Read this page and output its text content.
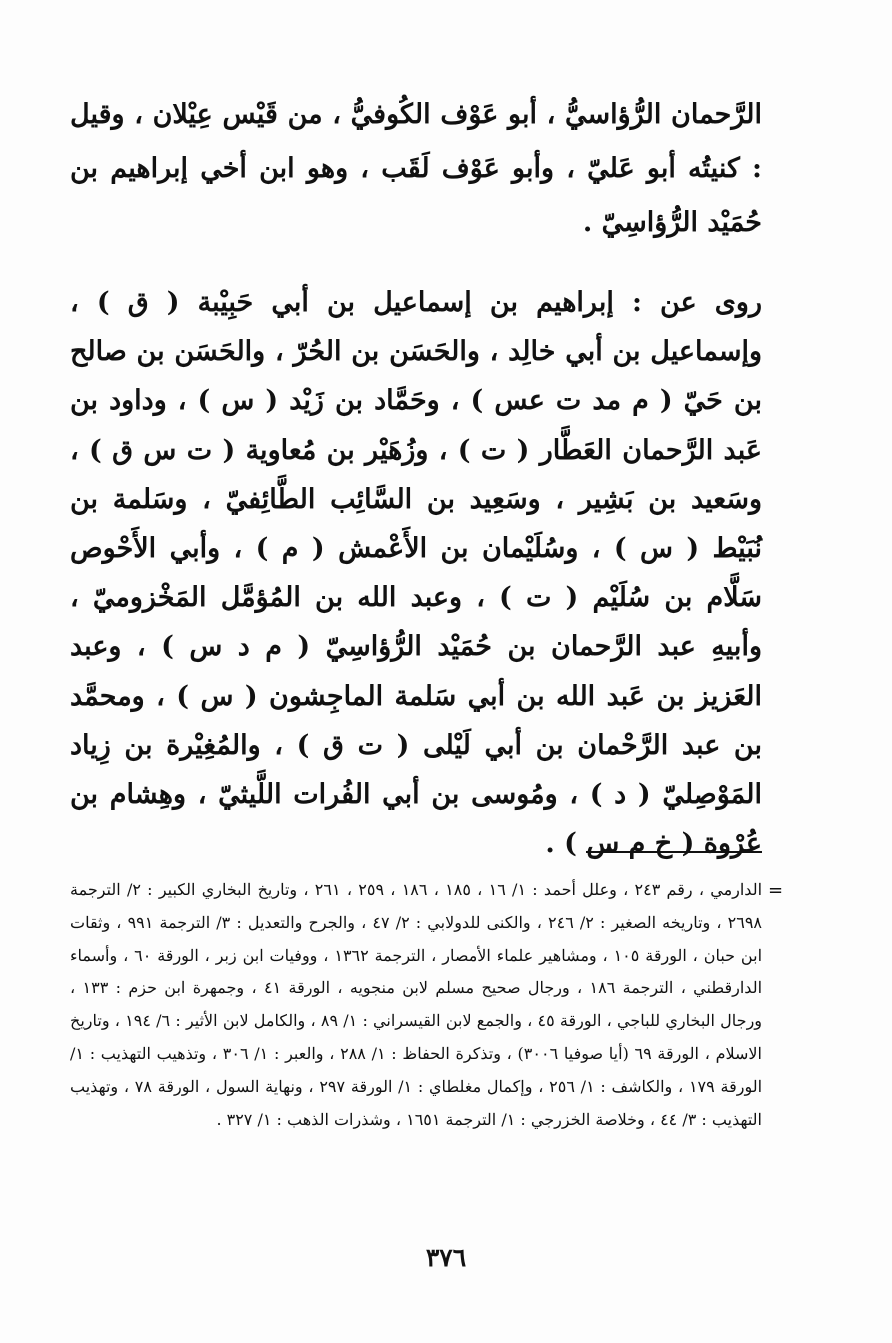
الرَّحمان الرُّؤاسيُّ ، أبو عَوْف الكُوفيُّ ، من قَيْس عِيْلان ، وقيل : كنيتُه أبو عَليّ ، وأبو عَوْف لَقَب ، وهو ابن أخي إبراهيم بن حُمَيْد الرُّؤاسِيّ .

روى عن : إبراهيم بن إسماعيل بن أبي حَبِيْبة ( ق ) ، وإسماعيل بن أبي خالِد ، والحَسَن بن الحُرّ ، والحَسَن بن صالح بن حَيّ ( م مد ت عس ) ، وحَمَّاد بن زَيْد ( س ) ، وداود بن عَبد الرَّحمان العَطَّار ( ت ) ، وزُهَيْر بن مُعاوية ( ت س ق ) ، وسَعيد بن بَشِير ، وسَعِيد بن السَّائِب الطَّائِفيّ ، وسَلمة بن نُبَيْط ( س ) ، وسُلَيْمان بن الأَعْمش ( م ) ، وأبي الأَحْوص سَلَّام بن سُلَيْم ( ت ) ، وعبد الله بن المُؤمَّل المَخْزوميّ ، وأبيهِ عبد الرَّحمان بن حُمَيْد الرُّؤاسِيّ ( م د س ) ، وعبد العَزيز بن عَبد الله بن أبي سَلمة الماجِشون ( س ) ، ومحمَّد بن عبد الرَّحْمان بن أبي لَيْلى ( ت ق ) ، والمُغِيْرة بن زِياد المَوْصِليّ ( د ) ، ومُوسى بن أبي الفُرات اللَّيثيّ ، وهِشام بن عُرْوة ( خ م س ) .

=

الدارمي ، رقم ٢٤٣ ، وعلل أحمد : ١/ ١٦ ، ١٨٥ ، ١٨٦ ، ٢٥٩ ، ٢٦١ ، وتاريخ البخاري الكبير : ٢/ الترجمة ٢٦٩٨ ، وتاريخه الصغير : ٢/ ٢٤٦ ، والكنى للدولابي : ٢/ ٤٧ ، والجرح والتعديل : ٣/ الترجمة ٩٩١ ، وثقات ابن حبان ، الورقة ١٠٥ ، ومشاهير علماء الأمصار ، الترجمة ١٣٦٢ ، ووفيات ابن زبر ، الورقة ٦٠ ، وأسماء الدارقطني ، الترجمة ١٨٦ ، ورجال صحيح مسلم لابن منجويه ، الورقة ٤١ ، وجمهرة ابن حزم : ١٣٣ ، ورجال البخاري للباجي ، الورقة ٤٥ ، والجمع لابن القيسراني : ١/ ٨٩ ، والكامل لابن الأثير : ٦/ ١٩٤ ، وتاريخ الاسلام ، الورقة ٦٩ (أيا صوفيا ٣٠٠٦) ، وتذكرة الحفاظ : ١/ ٢٨٨ ، والعبر : ١/ ٣٠٦ ، وتذهيب التهذيب : ١/ الورقة ١٧٩ ، والكاشف : ١/ ٢٥٦ ، وإكمال مغلطاي : ١/ الورقة ٢٩٧ ، ونهاية السول ، الورقة ٧٨ ، وتهذيب التهذيب : ٣/ ٤٤ ، وخلاصة الخزرجي : ١/ الترجمة ١٦٥١ ، وشذرات الذهب : ١/ ٣٢٧ .

٣٧٦
